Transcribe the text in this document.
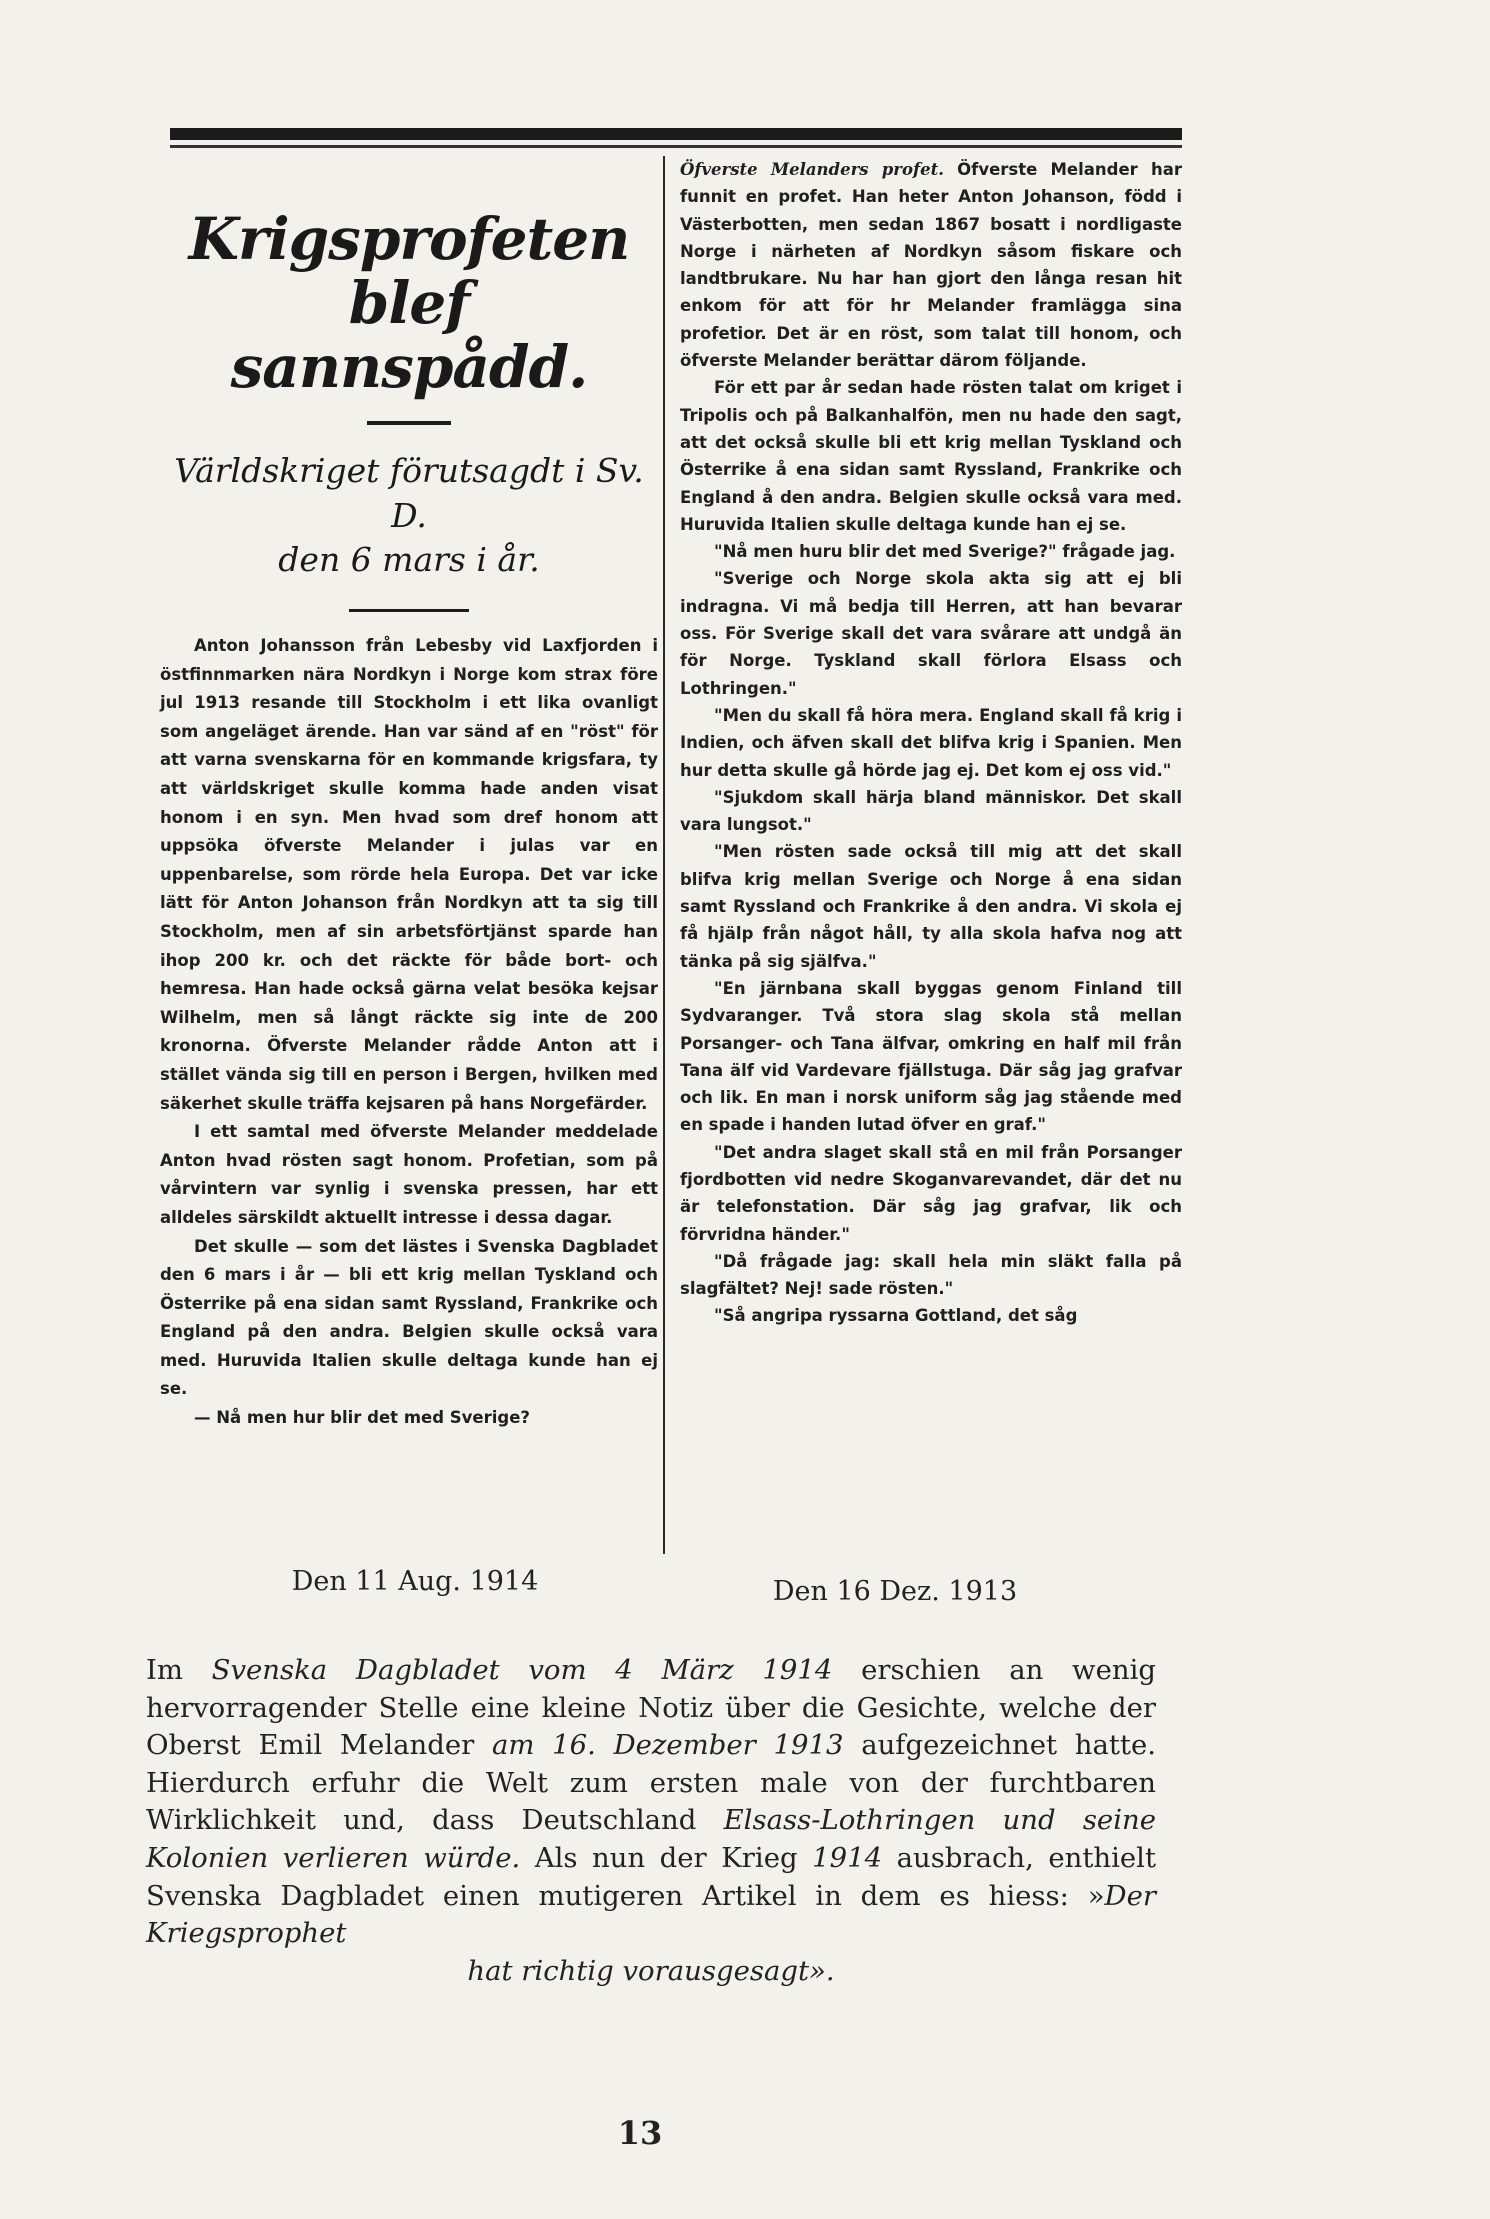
Krigsprofeten blef
sannspådd.

Världskriget förutsagdt i Sv. D.
den 6 mars i år.

Anton Johansson från Lebesby vid Laxfjorden i östfinnmarken nära Nordkyn i Norge kom strax före jul 1913 resande till Stockholm i ett lika ovanligt som angeläget ärende. Han var sänd af en "röst" för att varna svenskarna för en kommande krigsfara, ty att världskriget skulle komma hade anden visat honom i en syn. Men hvad som dref honom att uppsöka öfverste Melander i julas var en uppenbarelse, som rörde hela Europa. Det var icke lätt för Anton Johanson från Nordkyn att ta sig till Stockholm, men af sin arbetsförtjänst sparde han ihop 200 kr. och det räckte för både bort- och hemresa. Han hade också gärna velat besöka kejsar Wilhelm, men så långt räckte sig inte de 200 kronorna. Öfverste Melander rådde Anton att i stället vända sig till en person i Bergen, hvilken med säkerhet skulle träffa kejsaren på hans Norgefärder.

I ett samtal med öfverste Melander meddelade Anton hvad rösten sagt honom. Profetian, som på vårvintern var synlig i svenska pressen, har ett alldeles särskildt aktuellt intresse i dessa dagar.

Det skulle — som det lästes i Svenska Dagbladet den 6 mars i år — bli ett krig mellan Tyskland och Österrike på ena sidan samt Ryssland, Frankrike och England på den andra. Belgien skulle också vara med. Huruvida Italien skulle deltaga kunde han ej se.

— Nå men hur blir det med Sverige?

Öfverste Melanders profet. Öfverste Melander har funnit en profet. Han heter Anton Johanson, född i Västerbotten, men sedan 1867 bosatt i nordligaste Norge i närheten af Nordkyn såsom fiskare och landtbrukare. Nu har han gjort den långa resan hit enkom för att för hr Melander framlägga sina profetior. Det är en röst, som talat till honom, och öfverste Melander berättar därom följande.

För ett par år sedan hade rösten talat om kriget i Tripolis och på Balkanhalfön, men nu hade den sagt, att det också skulle bli ett krig mellan Tyskland och Österrike å ena sidan samt Ryssland, Frankrike och England å den andra. Belgien skulle också vara med. Huruvida Italien skulle deltaga kunde han ej se.

"Nå men huru blir det med Sverige?" frågade jag.

"Sverige och Norge skola akta sig att ej bli indragna. Vi må bedja till Herren, att han bevarar oss. För Sverige skall det vara svårare att undgå än för Norge. Tyskland skall förlora Elsass och Lothringen."

"Men du skall få höra mera. England skall få krig i Indien, och äfven skall det blifva krig i Spanien. Men hur detta skulle gå hörde jag ej. Det kom ej oss vid."

"Sjukdom skall härja bland människor. Det skall vara lungsot."

"Men rösten sade också till mig att det skall blifva krig mellan Sverige och Norge å ena sidan samt Ryssland och Frankrike å den andra. Vi skola ej få hjälp från något håll, ty alla skola hafva nog att tänka på sig själfva."

"En järnbana skall byggas genom Finland till Sydvaranger. Två stora slag skola stå mellan Porsanger- och Tana älfvar, omkring en half mil från Tana älf vid Vardevare fjällstuga. Där såg jag grafvar och lik. En man i norsk uniform såg jag stående med en spade i handen lutad öfver en graf."

"Det andra slaget skall stå en mil från Porsanger fjordbotten vid nedre Skoganvarevandet, där det nu är telefonstation. Där såg jag grafvar, lik och förvridna händer."

"Då frågade jag: skall hela min släkt falla på slagfältet? Nej! sade rösten."

"Så angripa ryssarna Gottland, det såg

Den 11 Aug. 1914	Den 16 Dez. 1913

Im Svenska Dagbladet vom 4 März 1914 erschien an wenig hervorragender Stelle eine kleine Notiz über die Gesichte, welche der Oberst Emil Melander am 16. Dezember 1913 aufgezeichnet hatte. Hierdurch erfuhr die Welt zum ersten male von der furchtbaren Wirklichkeit und, dass Deutschland Elsass-Lothringen und seine Kolonien verlieren würde. Als nun der Krieg 1914 ausbrach, enthielt Svenska Dagbladet einen mutigeren Artikel in dem es hiess: »Der Kriegsprophet
hat richtig vorausgesagt».

13
